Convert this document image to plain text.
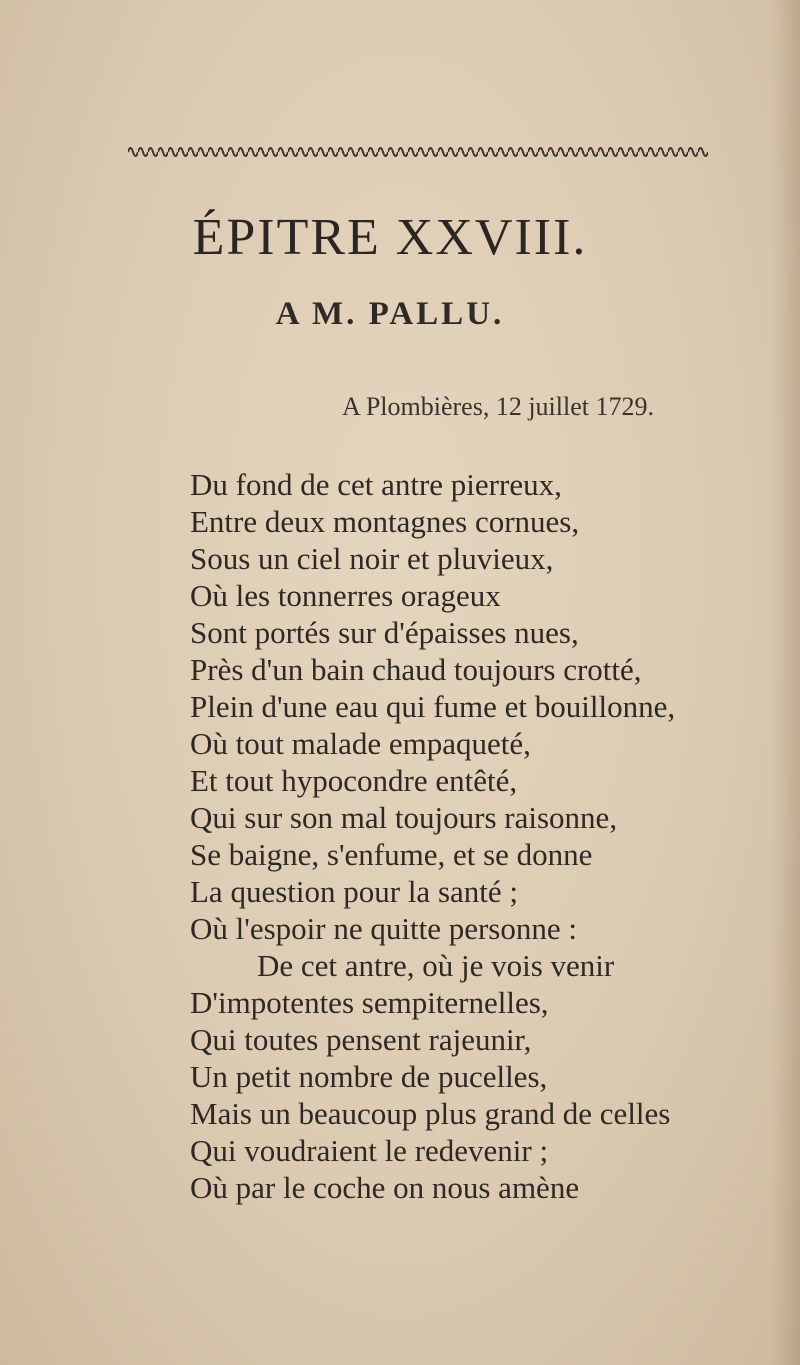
ÉPITRE XXVIII.
A M. PALLU.
A Plombières, 12 juillet 1729.
Du fond de cet antre pierreux,
Entre deux montagnes cornues,
Sous un ciel noir et pluvieux,
Où les tonnerres orageux
Sont portés sur d'épaisses nues,
Près d'un bain chaud toujours crotté,
Plein d'une eau qui fume et bouillonne,
Où tout malade empaqueté,
Et tout hypocondre entêté,
Qui sur son mal toujours raisonne,
Se baigne, s'enfume, et se donne
La question pour la santé ;
Où l'espoir ne quitte personne :
De cet antre, où je vois venir
D'impotentes sempiternelles,
Qui toutes pensent rajeunir,
Un petit nombre de pucelles,
Mais un beaucoup plus grand de celles
Qui voudraient le redevenir ;
Où par le coche on nous amène
